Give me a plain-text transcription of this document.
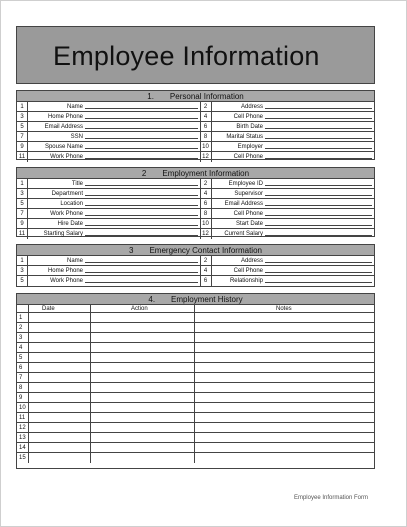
Employee Information
1. Personal Information
1	Name	2	Address
3	Home Phone	4	Cell Phone
5	Email Address	6	Birth Date
7	SSN	8	Marital Status
9	Spouse Name	10	Employer
11	Work Phone	12	Cell Phone
2 Employment Information
1	Title	2	Employee ID
3	Department	4	Supervisor
5	Location	6	Email Address
7	Work Phone	8	Cell Phone
9	Hire Date	10	Start Date
11	Starting Salary	12	Current Salary
3 Emergency Contact Information
1	Name	2	Address
3	Home Phone	4	Cell Phone
5	Work Phone	6	Relationship
4. Employment History
Date	Action	Notes
1
2
3
4
5
6
7
8
9
10
11
12
13
14
15
Employee Information Form
